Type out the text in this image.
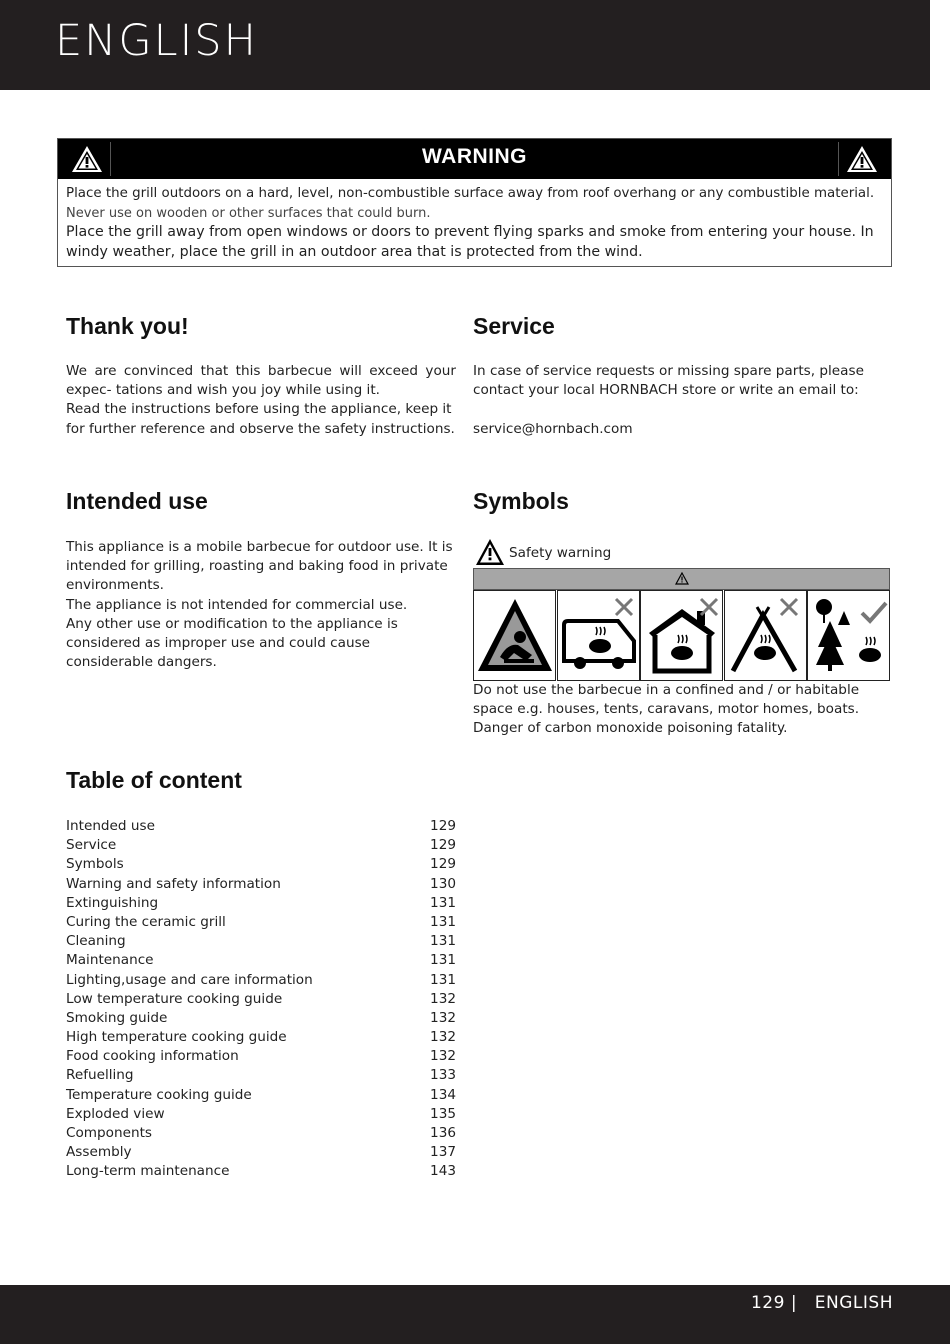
ENGLISH
WARNING

Place the grill outdoors on a hard, level, non-combustible surface away from roof overhang or any combustible material.

Never use on wooden or other surfaces that could burn.

Place the grill away from open windows or doors to prevent flying sparks and smoke from entering your house. In windy weather, place the grill in an outdoor area that is protected from the wind.

Thank you!

We are convinced that this barbecue will exceed your expec- tations and wish you joy while using it.

Read the instructions before using the appliance, keep it for further reference and observe the safety instructions.

Service

In case of service requests or missing spare parts, please contact your local HORNBACH store or write an email to:

service@hornbach.com

Intended use

This appliance is a mobile barbecue for outdoor use. It is intended for grilling, roasting and baking food in private environments.

The appliance is not intended for commercial use.

Any other use or modification to the appliance is considered as improper use and could cause considerable dangers.

Symbols
Safety warning
Do not use the barbecue in a confined and / or habitable space e.g. houses, tents, caravans, motor homes, boats. Danger of carbon monoxide poisoning fatality.
Table of content
Intended use	129
Service	129
Symbols	129
Warning and safety information	130
Extinguishing	131
Curing the ceramic grill	131
Cleaning	131
Maintenance	131
Lighting,usage and care information	131
Low temperature cooking guide	132
Smoking guide	132
High temperature cooking guide	132
Food cooking information	132
Refuelling	133
Temperature cooking guide	134
Exploded view	135
Components	136
Assembly	137
Long-term maintenance	143
129 | ENGLISH
